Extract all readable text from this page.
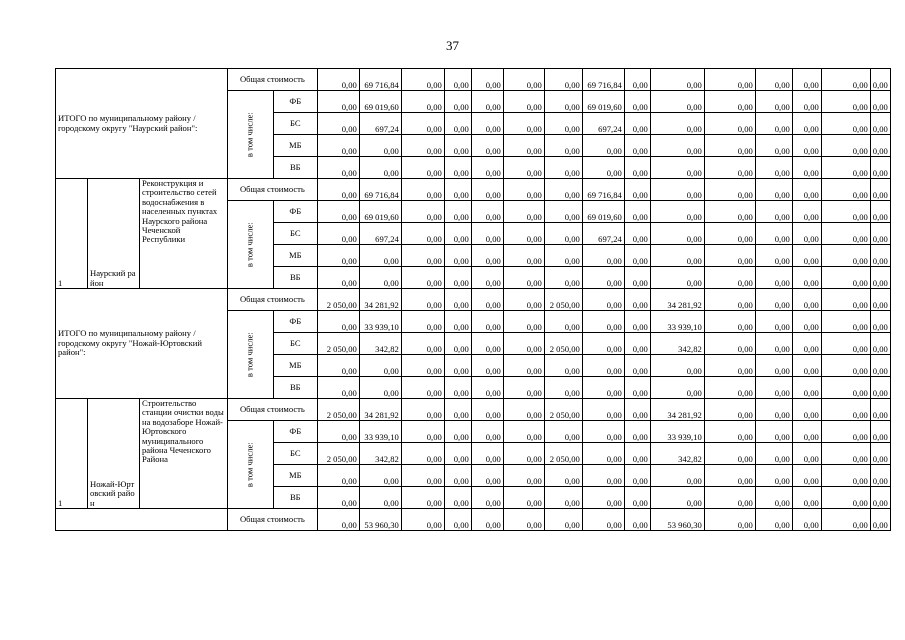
37
ИТОГО по муниципальному району / городскому округу "Наурский район":			Общая стоимость		0,00	69 716,84	0,00	0,00	0,00	0,00	0,00	69 716,84	0,00	0,00	0,00	0,00	0,00	0,00	0,00
			в том числе:	ФБ	0,00	69 019,60	0,00	0,00	0,00	0,00	0,00	69 019,60	0,00	0,00	0,00	0,00	0,00	0,00	0,00
				БС	0,00	697,24	0,00	0,00	0,00	0,00	0,00	697,24	0,00	0,00	0,00	0,00	0,00	0,00	0,00
				МБ	0,00	0,00	0,00	0,00	0,00	0,00	0,00	0,00	0,00	0,00	0,00	0,00	0,00	0,00	0,00
				ВБ	0,00	0,00	0,00	0,00	0,00	0,00	0,00	0,00	0,00	0,00	0,00	0,00	0,00	0,00	0,00
1	Наурский район	Реконструкция и строительство сетей водоснабжения в населенных пунктах Наурского района Чеченской Республики	Общая стоимость		0,00	69 716,84	0,00	0,00	0,00	0,00	0,00	69 716,84	0,00	0,00	0,00	0,00	0,00	0,00	0,00
			в том числе:	ФБ	0,00	69 019,60	0,00	0,00	0,00	0,00	0,00	69 019,60	0,00	0,00	0,00	0,00	0,00	0,00	0,00
				БС	0,00	697,24	0,00	0,00	0,00	0,00	0,00	697,24	0,00	0,00	0,00	0,00	0,00	0,00	0,00
				МБ	0,00	0,00	0,00	0,00	0,00	0,00	0,00	0,00	0,00	0,00	0,00	0,00	0,00	0,00	0,00
				ВБ	0,00	0,00	0,00	0,00	0,00	0,00	0,00	0,00	0,00	0,00	0,00	0,00	0,00	0,00	0,00
ИТОГО по муниципальному району / городскому округу "Ножай-Юртовский район":			Общая стоимость		2 050,00	34 281,92	0,00	0,00	0,00	0,00	2 050,00	0,00	0,00	34 281,92	0,00	0,00	0,00	0,00	0,00
			в том числе:	ФБ	0,00	33 939,10	0,00	0,00	0,00	0,00	0,00	0,00	0,00	33 939,10	0,00	0,00	0,00	0,00	0,00
				БС	2 050,00	342,82	0,00	0,00	0,00	0,00	2 050,00	0,00	0,00	342,82	0,00	0,00	0,00	0,00	0,00
				МБ	0,00	0,00	0,00	0,00	0,00	0,00	0,00	0,00	0,00	0,00	0,00	0,00	0,00	0,00	0,00
				ВБ	0,00	0,00	0,00	0,00	0,00	0,00	0,00	0,00	0,00	0,00	0,00	0,00	0,00	0,00	0,00
1	Ножай-Юртовский район	Строительство станции очистки воды на водозаборе Ножай-Юртовского муниципального района Чеченского Района	Общая стоимость		2 050,00	34 281,92	0,00	0,00	0,00	0,00	2 050,00	0,00	0,00	34 281,92	0,00	0,00	0,00	0,00	0,00
			в том числе:	ФБ	0,00	33 939,10	0,00	0,00	0,00	0,00	0,00	0,00	0,00	33 939,10	0,00	0,00	0,00	0,00	0,00
				БС	2 050,00	342,82	0,00	0,00	0,00	0,00	2 050,00	0,00	0,00	342,82	0,00	0,00	0,00	0,00	0,00
				МБ	0,00	0,00	0,00	0,00	0,00	0,00	0,00	0,00	0,00	0,00	0,00	0,00	0,00	0,00	0,00
				ВБ	0,00	0,00	0,00	0,00	0,00	0,00	0,00	0,00	0,00	0,00	0,00	0,00	0,00	0,00	0,00
			Общая стоимость		0,00	53 960,30	0,00	0,00	0,00	0,00	0,00	0,00	0,00	53 960,30	0,00	0,00	0,00	0,00	0,00
